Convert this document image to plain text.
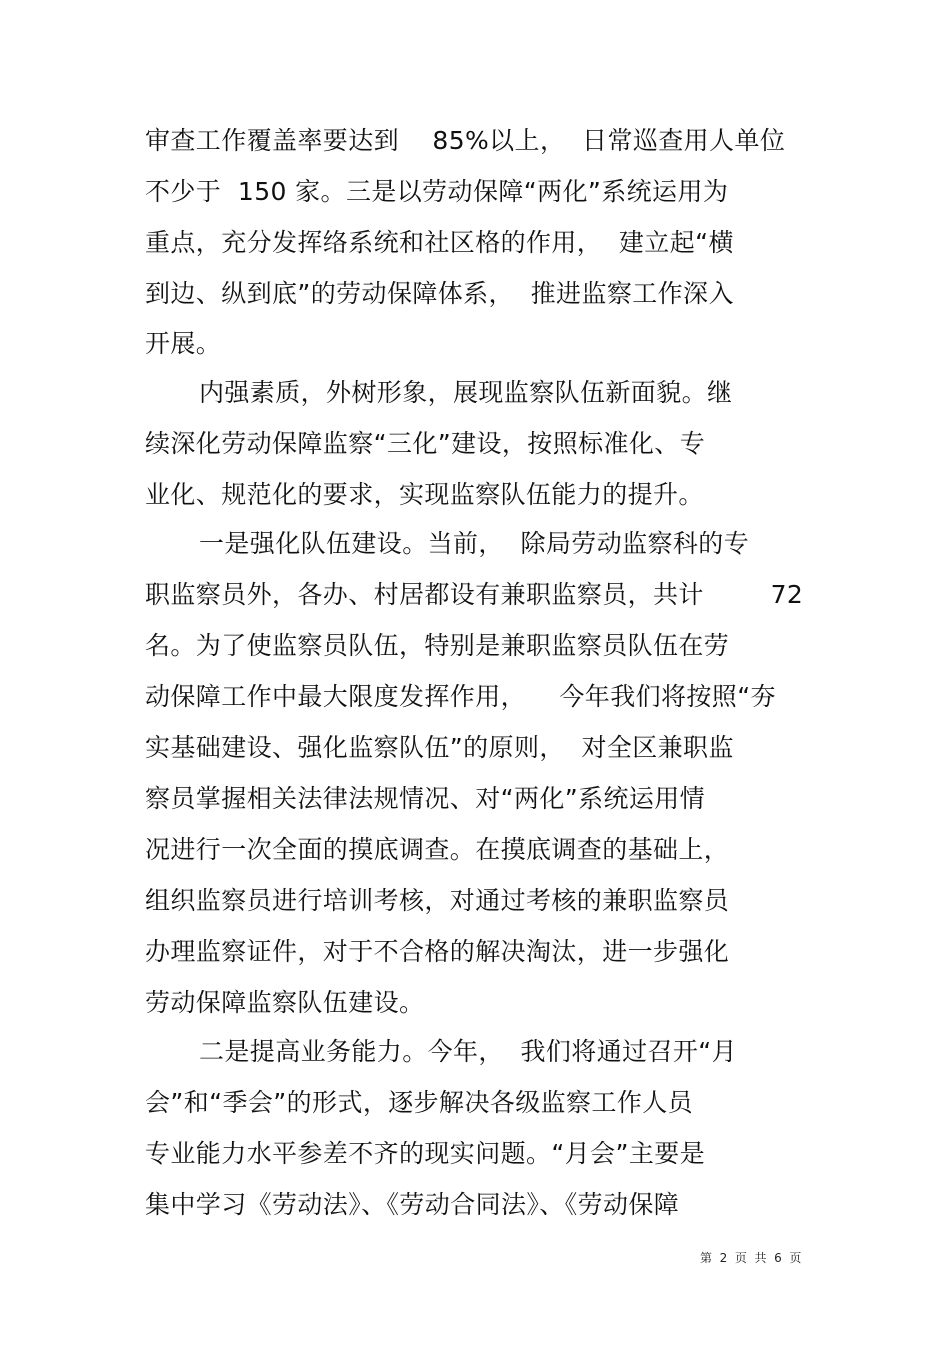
审查工作覆盖率要达到    85%以上，  日常巡查用人单位
不少于  150 家。三是以劳动保障“两化”系统运用为
重点，充分发挥络系统和社区格的作用，  建立起“横
到边、纵到底”的劳动保障体系，  推进监察工作深入
开展。
内强素质，外树形象，展现监察队伍新面貌。继
续深化劳动保障监察“三化”建设，按照标准化、专
业化、规范化的要求，实现监察队伍能力的提升。
一是强化队伍建设。当前，  除局劳动监察科的专
职监察员外，各办、村居都设有兼职监察员，共计        72
名。为了使监察员队伍，特别是兼职监察员队伍在劳
动保障工作中最大限度发挥作用，    今年我们将按照“夯
实基础建设、强化监察队伍”的原则，  对全区兼职监
察员掌握相关法律法规情况、对“两化”系统运用情
况进行一次全面的摸底调查。在摸底调查的基础上，
组织监察员进行培训考核，对通过考核的兼职监察员
办理监察证件，对于不合格的解决淘汰，进一步强化
劳动保障监察队伍建设。
二是提高业务能力。今年，  我们将通过召开“月
会”和“季会”的形式，逐步解决各级监察工作人员
专业能力水平参差不齐的现实问题。“月会”主要是
集中学习《劳动法》、《劳动合同法》、《劳动保障
第  2  页  共  6  页
